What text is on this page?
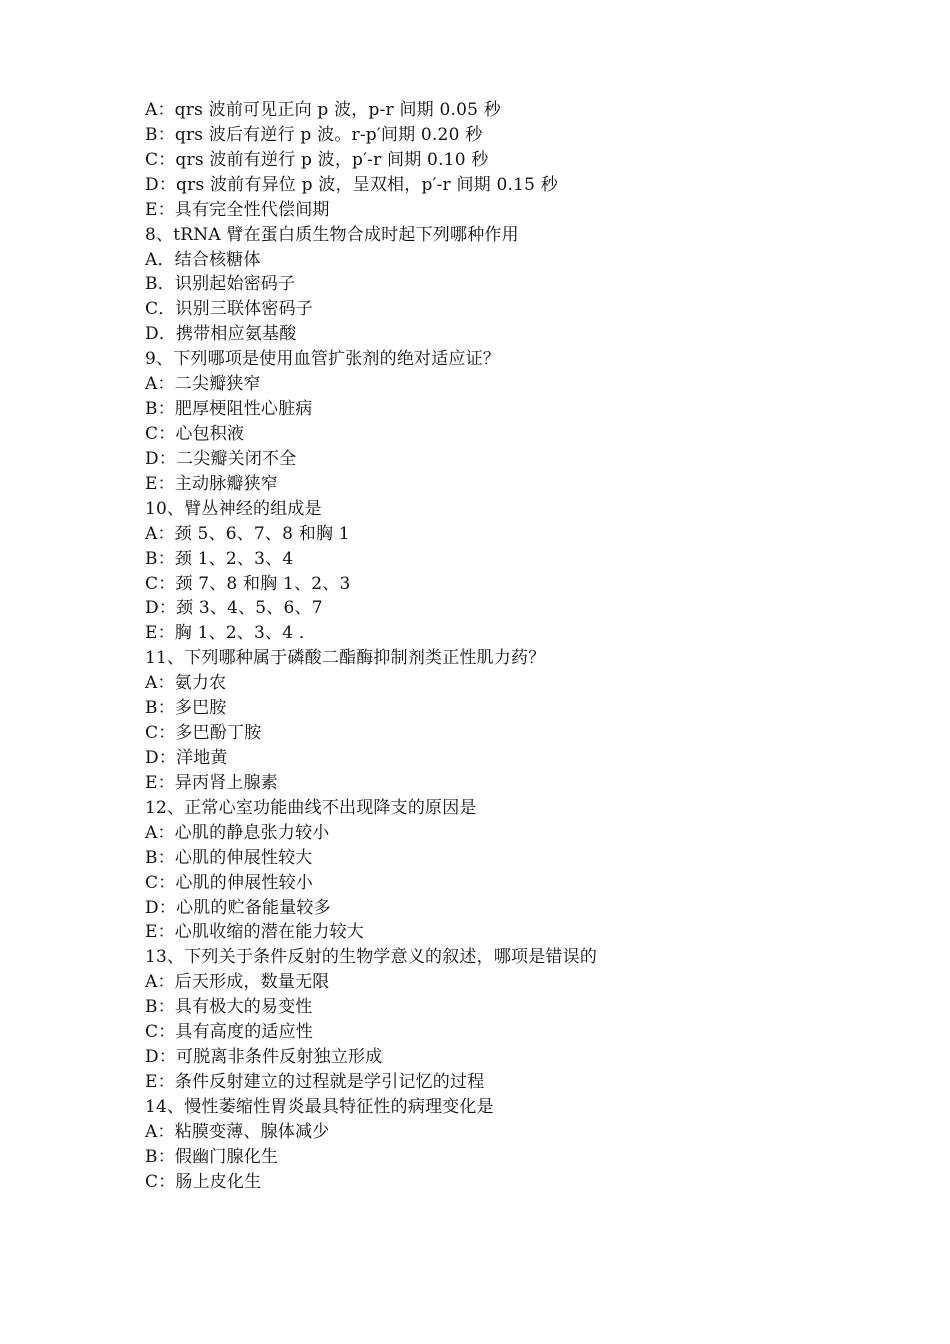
A：qrs 波前可见正向 p 波，p-r 间期 0.05 秒
B：qrs 波后有逆行 p 波。r-p′间期 0.20 秒
C：qrs 波前有逆行 p 波，p′-r 间期 0.10 秒
D：qrs 波前有异位 p 波，呈双相，p′-r 间期 0.15 秒
E：具有完全性代偿间期
8、tRNA 臂在蛋白质生物合成时起下列哪种作用
A．结合核糖体
B．识别起始密码子
C．识别三联体密码子
D．携带相应氨基酸
9、下列哪项是使用血管扩张剂的绝对适应证？
A：二尖瓣狭窄
B：肥厚梗阻性心脏病
C：心包积液
D：二尖瓣关闭不全
E：主动脉瓣狭窄
10、臂丛神经的组成是
A：颈 5、6、7、8 和胸 1
B：颈 1、2、3、4
C：颈 7、8 和胸 1、2、3
D：颈 3、4、5、6、7
E：胸 1、2、3、4 ．
11、下列哪种属于磷酸二酯酶抑制剂类正性肌力药？
A：氨力农
B：多巴胺
C：多巴酚丁胺
D：洋地黄
E：异丙肾上腺素
12、正常心室功能曲线不出现降支的原因是
A：心肌的静息张力较小
B：心肌的伸展性较大
C：心肌的伸展性较小
D：心肌的贮备能量较多
E：心肌收缩的潜在能力较大
13、下列关于条件反射的生物学意义的叙述，哪项是错误的
A：后天形成，数量无限
B：具有极大的易变性
C：具有高度的适应性
D：可脱离非条件反射独立形成
E：条件反射建立的过程就是学引记忆的过程
14、慢性萎缩性胃炎最具特征性的病理变化是
A：粘膜变薄、腺体减少
B：假幽门腺化生
C：肠上皮化生
